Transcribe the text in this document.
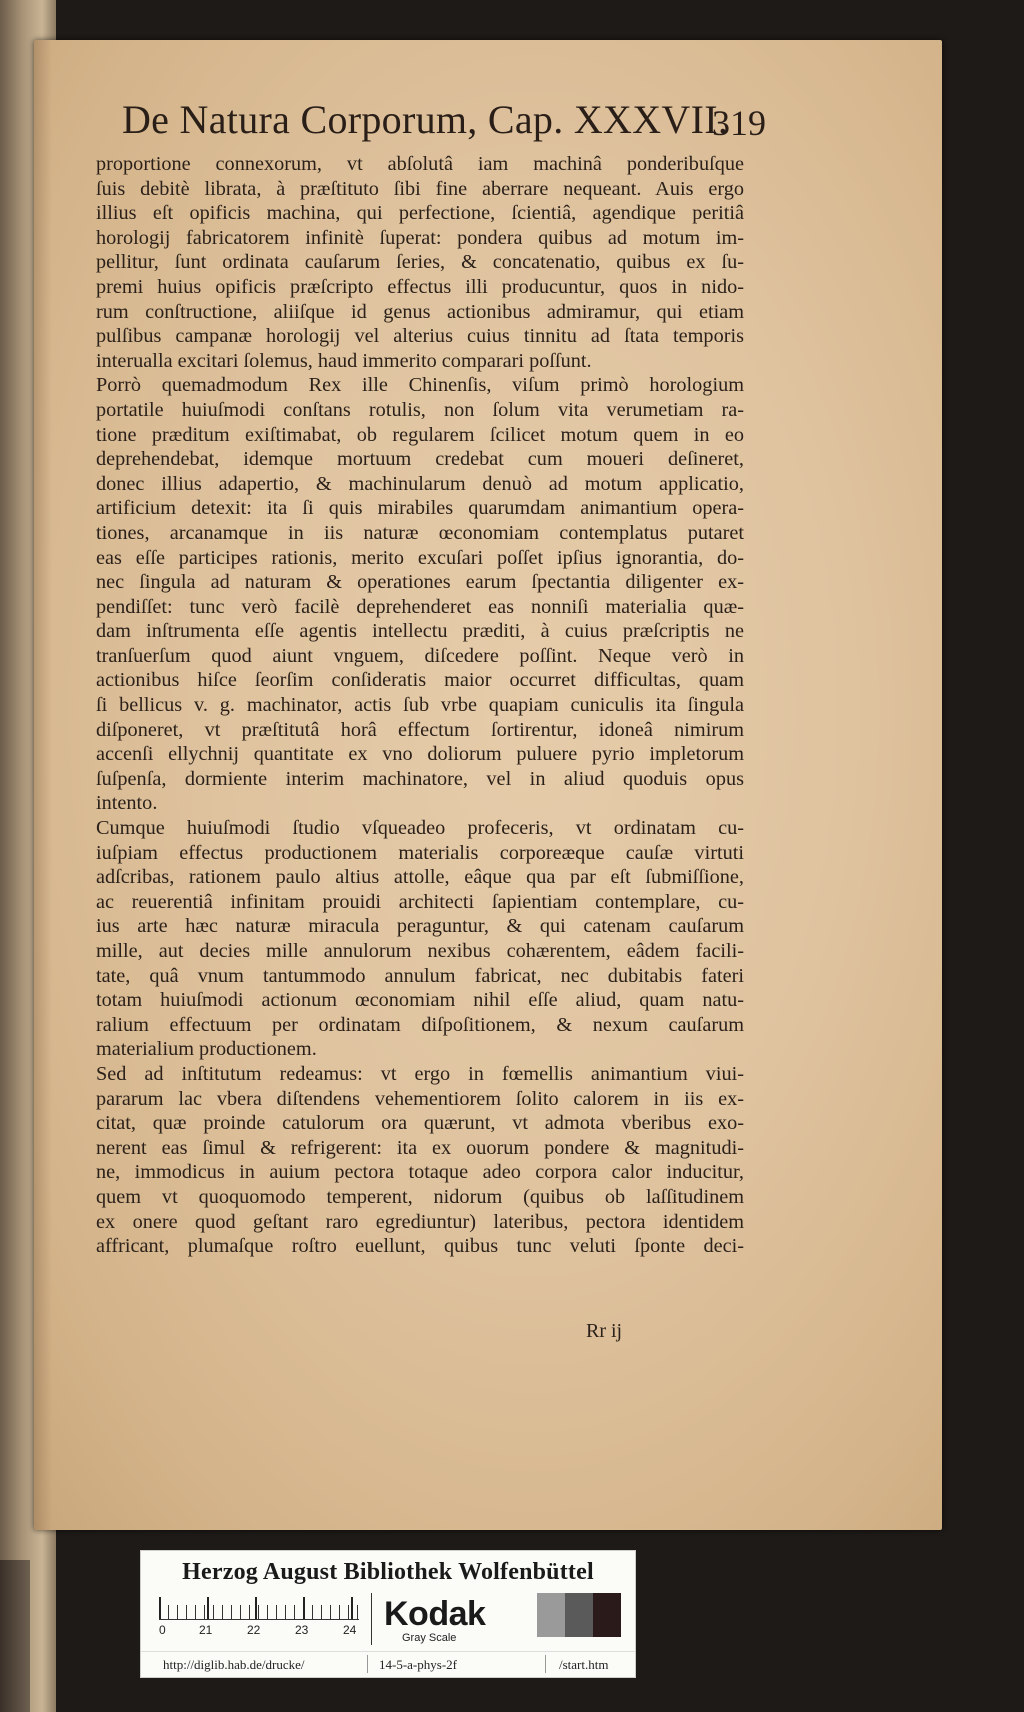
De Natura Corporum, Cap. XXXVII.
319
proportione connexorum, vt abſolutâ iam machinâ ponderibuſque
ſuis debitè librata, à præſtituto ſibi fine aberrare nequeant. Auis ergo
illius eſt opificis machina, qui perfectione, ſcientiâ, agendique peritiâ
horologij fabricatorem infinitè ſuperat: pondera quibus ad motum im-
pellitur, ſunt ordinata cauſarum ſeries, & concatenatio, quibus ex ſu-
premi huius opificis præſcripto effectus illi producuntur, quos in nido-
rum conſtructione, aliiſque id genus actionibus admiramur, qui etiam
pulſibus campanæ horologij vel alterius cuius tinnitu ad ſtata temporis
interualla excitari ſolemus, haud immerito comparari poſſunt.
Porrò quemadmodum Rex ille Chinenſis, viſum primò horologium
portatile huiuſmodi conſtans rotulis, non ſolum vita verumetiam ra-
tione præditum exiſtimabat, ob regularem ſcilicet motum quem in eo
deprehendebat, idemque mortuum credebat cum moueri deſineret,
donec illius adapertio, & machinularum denuò ad motum applicatio,
artificium detexit: ita ſi quis mirabiles quarumdam animantium opera-
tiones, arcanamque in iis naturæ œconomiam contemplatus putaret
eas eſſe participes rationis, merito excuſari poſſet ipſius ignorantia, do-
nec ſingula ad naturam & operationes earum ſpectantia diligenter ex-
pendiſſet: tunc verò facilè deprehenderet eas nonniſi materialia quæ-
dam inſtrumenta eſſe agentis intellectu præditi, à cuius præſcriptis ne
tranſuerſum quod aiunt vnguem, diſcedere poſſint. Neque verò in
actionibus hiſce ſeorſim conſideratis maior occurret difficultas, quam
ſi bellicus v. g. machinator, actis ſub vrbe quapiam cuniculis ita ſingula
diſponeret, vt præſtitutâ horâ effectum ſortirentur, idoneâ nimirum
accenſi ellychnij quantitate ex vno doliorum puluere pyrio impletorum
ſuſpenſa, dormiente interim machinatore, vel in aliud quoduis opus
intento.
Cumque huiuſmodi ſtudio vſqueadeo profeceris, vt ordinatam cu-
iuſpiam effectus productionem materialis corporeæque cauſæ virtuti
adſcribas, rationem paulo altius attolle, eâque qua par eſt ſubmiſſione,
ac reuerentiâ infinitam prouidi architecti ſapientiam contemplare, cu-
ius arte hæc naturæ miracula peraguntur, & qui catenam cauſarum
mille, aut decies mille annulorum nexibus cohærentem, eâdem facili-
tate, quâ vnum tantummodo annulum fabricat, nec dubitabis fateri
totam huiuſmodi actionum œconomiam nihil eſſe aliud, quam natu-
ralium effectuum per ordinatam diſpoſitionem, & nexum cauſarum
materialium productionem.
Sed ad inſtitutum redeamus: vt ergo in fœmellis animantium viui-
pararum lac vbera diſtendens vehementiorem ſolito calorem in iis ex-
citat, quæ proinde catulorum ora quærunt, vt admota vberibus exo-
nerent eas ſimul & refrigerent: ita ex ouorum pondere & magnitudi-
ne, immodicus in auium pectora totaque adeo corpora calor inducitur,
quem vt quoquomodo temperent, nidorum (quibus ob laſſitudinem
ex onere quod geſtant raro egrediuntur) lateribus, pectora identidem
affricant, plumaſque roſtro euellunt, quibus tunc veluti ſponte deci-
Rr ij
Herzog August Bibliothek Wolfenbüttel
0	21	22	23	24 Kodak
Gray Scale
http://diglib.hab.de/drucke/	14-5-a-phys-2f	/start.htm
